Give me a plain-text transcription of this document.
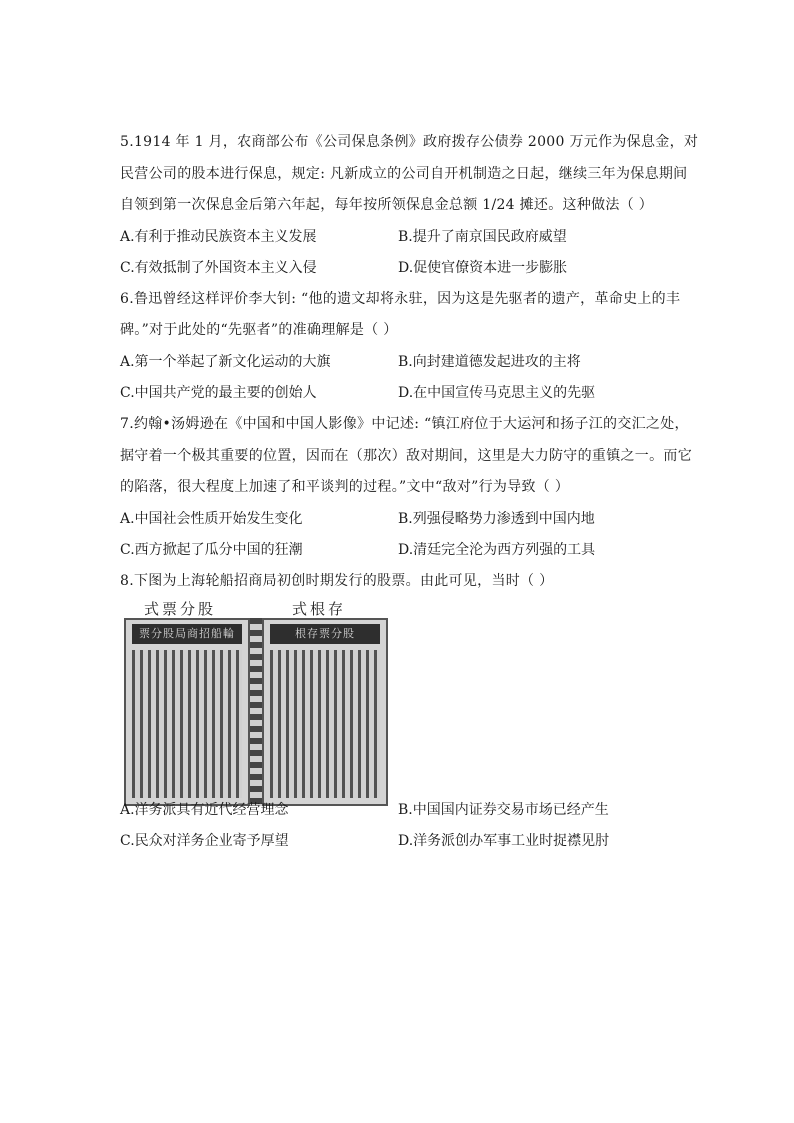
5.1914 年 1 月，农商部公布《公司保息条例》政府拨存公债券 2000 万元作为保息金，对
民营公司的股本进行保息，规定: 凡新成立的公司自开机制造之日起，继续三年为保息期间
自领到第一次保息金后第六年起，每年按所领保息金总额 1/24 摊还。这种做法（ ）
A.有利于推动民族资本主义发展	B.提升了南京国民政府威望
C.有效抵制了外国资本主义入侵	D.促使官僚资本进一步膨胀
6.鲁迅曾经这样评价李大钊: “他的遗文却将永驻，因为这是先驱者的遗产，革命史上的丰
碑。”对于此处的“先驱者”的准确理解是（ ）
A.第一个举起了新文化运动的大旗	B.向封建道德发起进攻的主将
C.中国共产党的最主要的创始人	D.在中国宣传马克思主义的先驱
7.约翰•汤姆逊在《中国和中国人影像》中记述: “镇江府位于大运河和扬子江的交汇之处，
据守着一个极其重要的位置，因而在（那次）敌对期间，这里是大力防守的重镇之一。而它
的陷落，很大程度上加速了和平谈判的过程。”文中“敌对”行为导致（ ）
A.中国社会性质开始发生变化	B.列强侵略势力渗透到中国内地
C.西方掀起了瓜分中国的狂潮	D.清廷完全沦为西方列强的工具
8.下图为上海轮船招商局初创时期发行的股票。由此可见，当时（ ）
式票分股	式根存
票分股局商招船輪	根存票分股
A.洋务派具有近代经营理念	B.中国国内证券交易市场已经产生
C.民众对洋务企业寄予厚望	D.洋务派创办军事工业时捉襟见肘
